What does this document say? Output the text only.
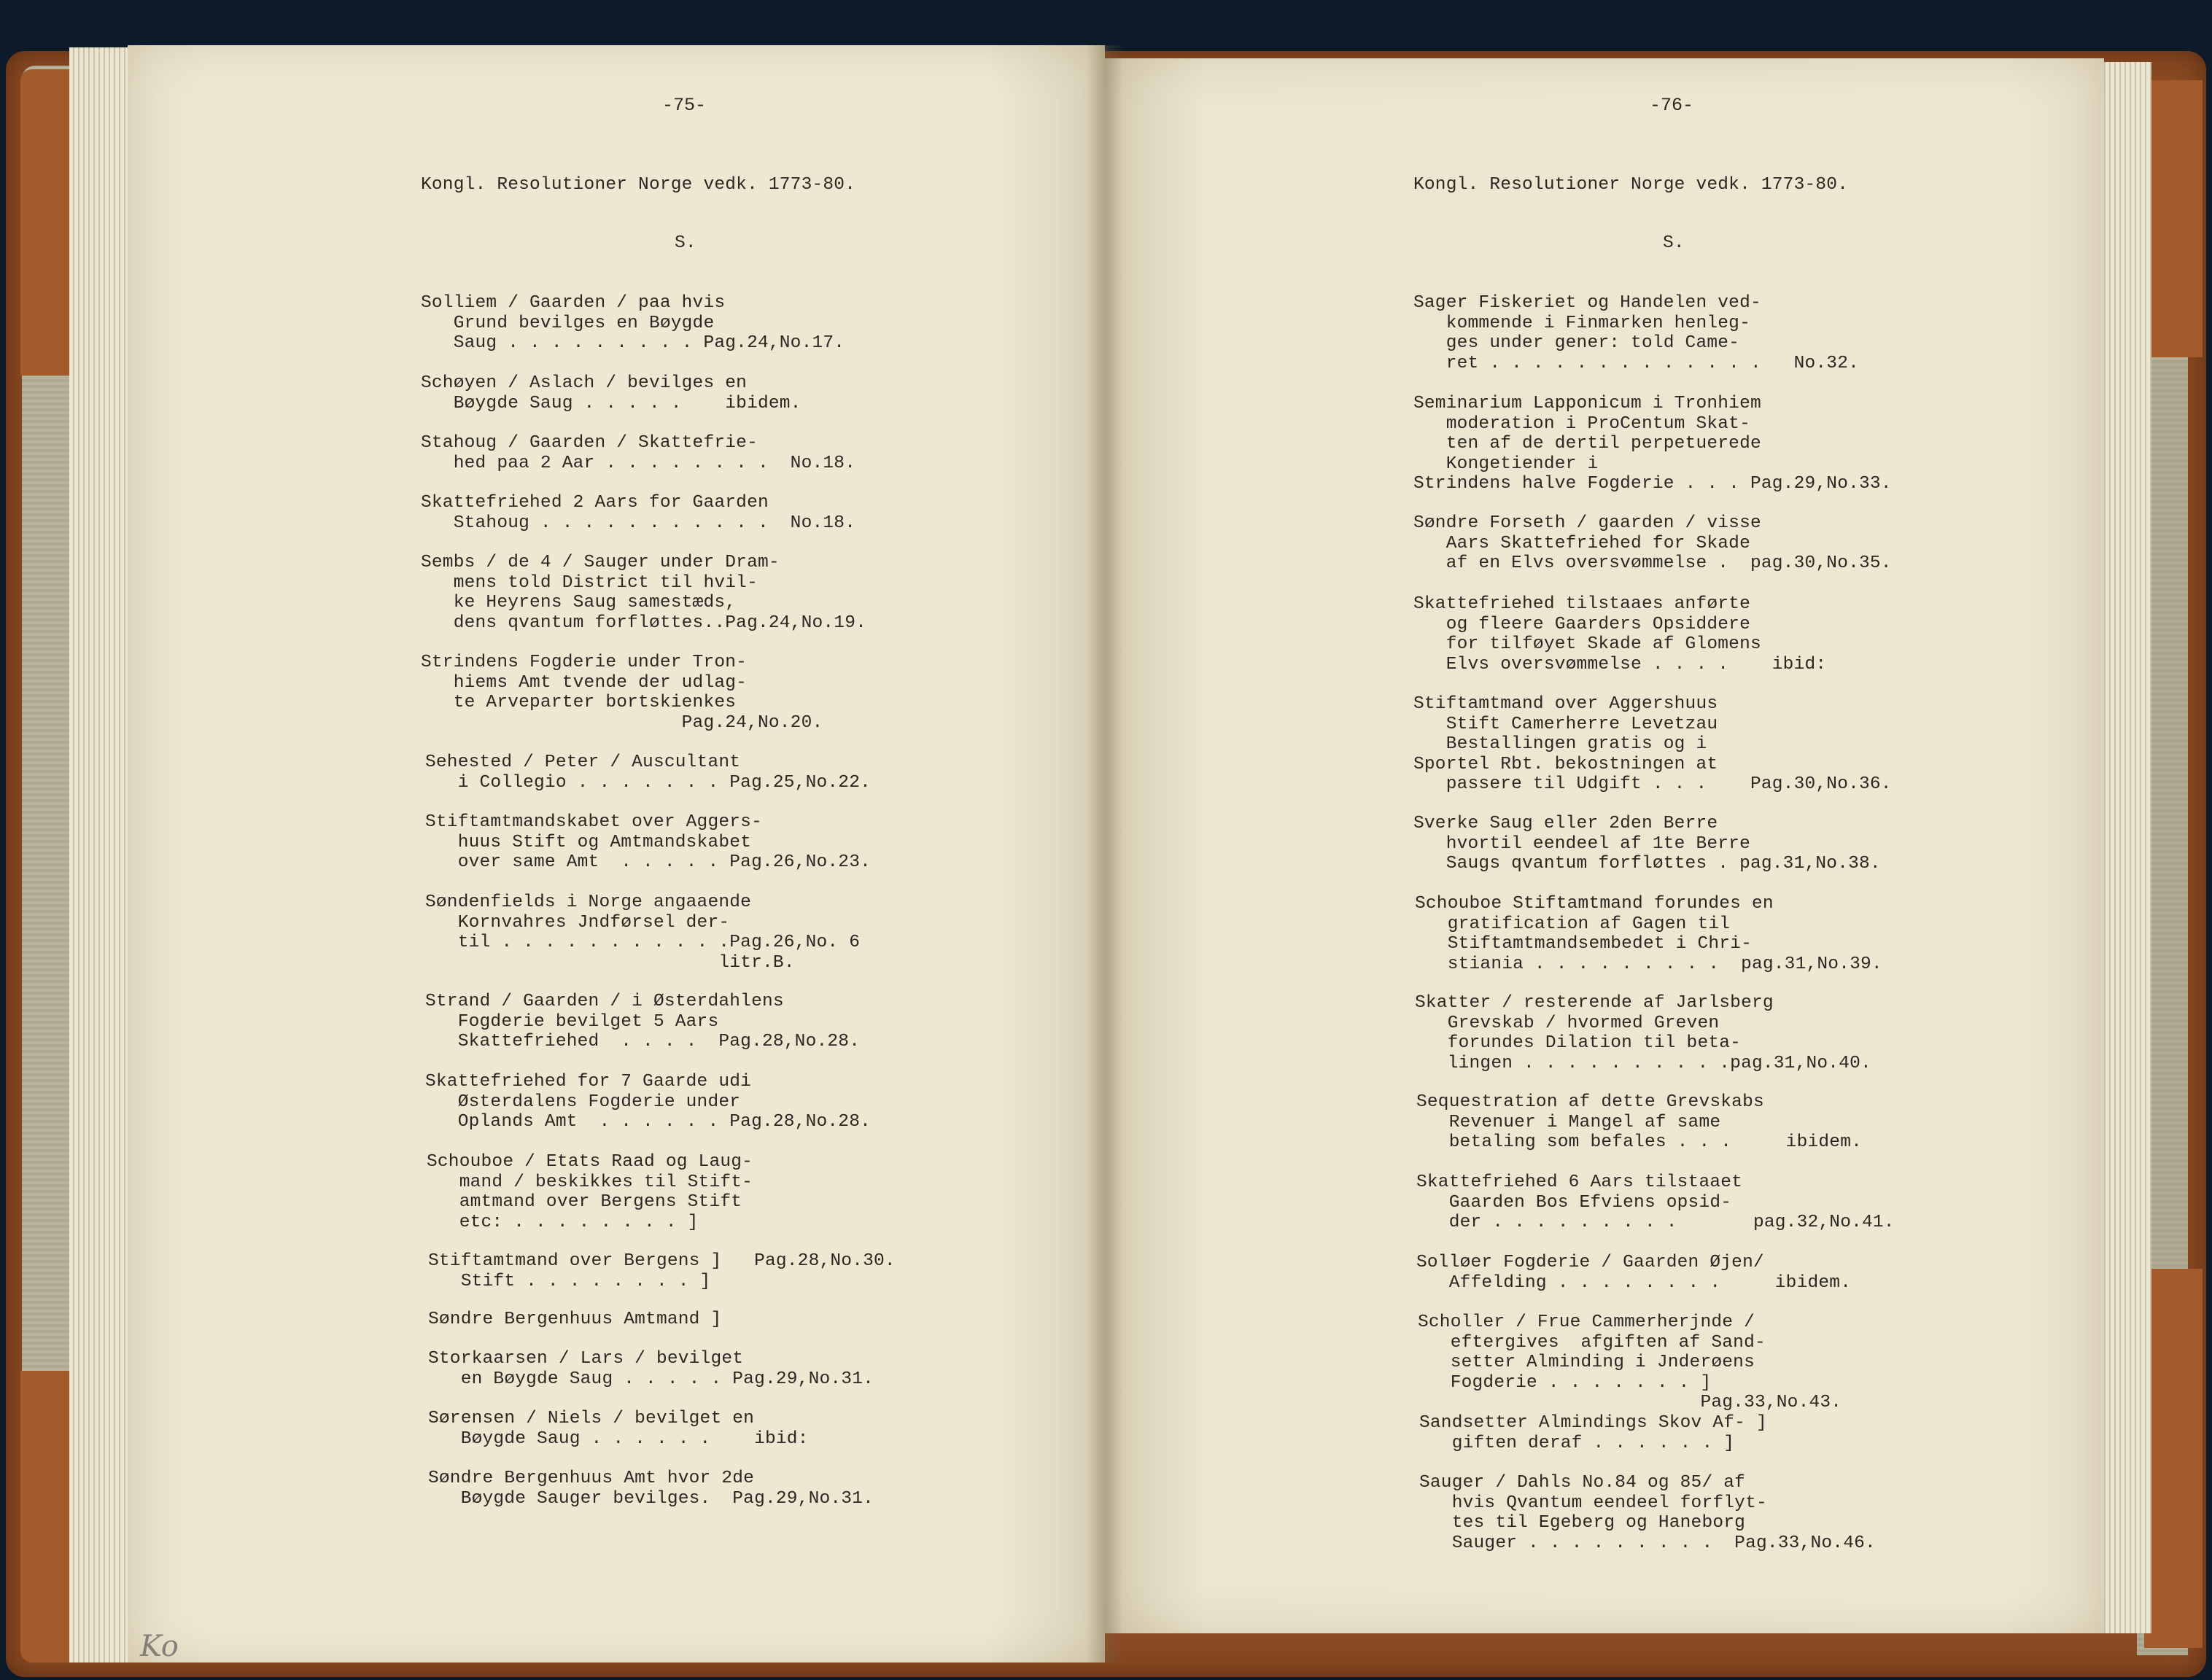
-75-
Kongl. Resolutioner Norge vedk. 1773-80.
S.
Solliem / Gaarden / paa hvis
Grund bevilges en Bøygde
Saug . . . . . . . . . Pag.24,No.17.
Schøyen / Aslach / bevilges en
Bøygde Saug . . . . .    ibidem.
Stahoug / Gaarden / Skattefrie-
hed paa 2 Aar . . . . . . . .  No.18.
Skattefriehed 2 Aars for Gaarden
Stahoug . . . . . . . . . . .  No.18.
Sembs / de 4 / Sauger under Dram-
mens told District til hvil-
ke Heyrens Saug samestæds,
dens qvantum forfløttes..Pag.24,No.19.
Strindens Fogderie under Tron-
hiems Amt tvende der udlag-
te Arveparter bortskienkes
Pag.24,No.20.
Sehested / Peter / Auscultant
i Collegio . . . . . . . Pag.25,No.22.
Stiftamtmandskabet over Aggers-
huus Stift og Amtmandskabet
over same Amt  . . . . . Pag.26,No.23.
Søndenfields i Norge angaaende
Kornvahres Jndførsel der-
til . . . . . . . . . . .Pag.26,No. 6
litr.B.
Strand / Gaarden / i Østerdahlens
Fogderie bevilget 5 Aars
Skattefriehed  . . . .  Pag.28,No.28.
Skattefriehed for 7 Gaarde udi
Østerdalens Fogderie under
Oplands Amt  . . . . . . Pag.28,No.28.
Schouboe / Etats Raad og Laug-
mand / beskikkes til Stift-
amtmand over Bergens Stift
etc: . . . . . . . . ]
Stiftamtmand over Bergens ]   Pag.28,No.30.
Stift . . . . . . . . ]
Søndre Bergenhuus Amtmand ]
Storkaarsen / Lars / bevilget
en Bøygde Saug . . . . . Pag.29,No.31.
Sørensen / Niels / bevilget en
Bøygde Saug . . . . . .    ibid:
Søndre Bergenhuus Amt hvor 2de
Bøygde Sauger bevilges.  Pag.29,No.31.
Ko
-76-
Kongl. Resolutioner Norge vedk. 1773-80.
S.
Sager Fiskeriet og Handelen ved-
kommende i Finmarken henleg-
ges under gener: told Came-
ret . . . . . . . . . . . . .   No.32.
Seminarium Lapponicum i Tronhiem
moderation i ProCentum Skat-
ten af de dertil perpetuerede
Kongetiender i
Strindens halve Fogderie . . . Pag.29,No.33.
Søndre Forseth / gaarden / visse
Aars Skattefriehed for Skade
af en Elvs oversvømmelse .  pag.30,No.35.
Skattefriehed tilstaaes anførte
og fleere Gaarders Opsiddere
for tilføyet Skade af Glomens
Elvs oversvømmelse . . . .    ibid:
Stiftamtmand over Aggershuus
Stift Camerherre Levetzau
Bestallingen gratis og i
Sportel Rbt. bekostningen at
passere til Udgift . . .    Pag.30,No.36.
Sverke Saug eller 2den Berre
hvortil eendeel af 1te Berre
Saugs qvantum forfløttes . pag.31,No.38.
Schouboe Stiftamtmand forundes en
gratification af Gagen til
Stiftamtmandsembedet i Chri-
stiania . . . . . . . . .  pag.31,No.39.
Skatter / resterende af Jarlsberg
Grevskab / hvormed Greven
forundes Dilation til beta-
lingen . . . . . . . . . .pag.31,No.40.
Sequestration af dette Grevskabs
Revenuer i Mangel af same
betaling som befales . . .     ibidem.
Skattefriehed 6 Aars tilstaaet
Gaarden Bos Efviens opsid-
der . . . . . . . . .       pag.32,No.41.
Solløer Fogderie / Gaarden Øjen/
Affelding . . . . . . . .     ibidem.
Scholler / Frue Cammerherjnde /
eftergives  afgiften af Sand-
setter Alminding i Jnderøens
Fogderie . . . . . . . ]
Pag.33,No.43.
Sandsetter Almindings Skov Af- ]
giften deraf . . . . . . ]
Sauger / Dahls No.84 og 85/ af
hvis Qvantum eendeel forflyt-
tes til Egeberg og Haneborg
Sauger . . . . . . . . .  Pag.33,No.46.
